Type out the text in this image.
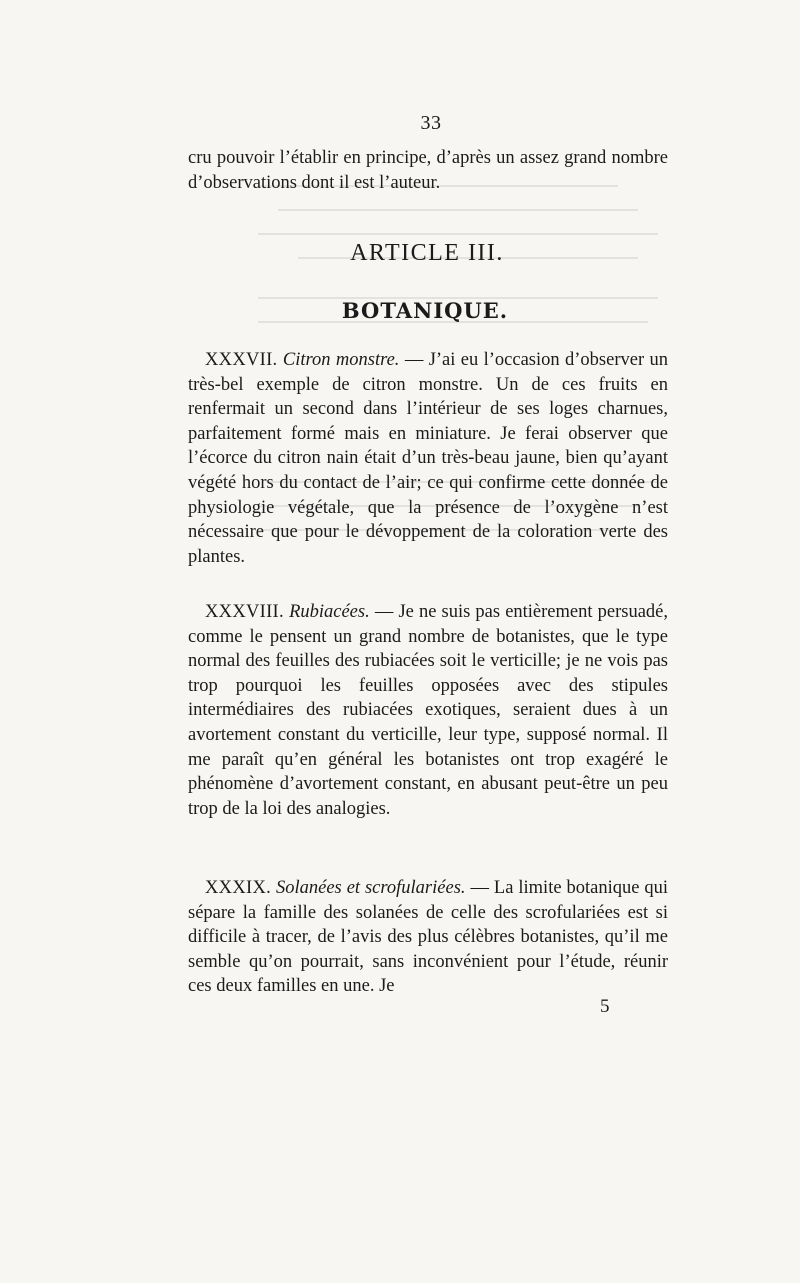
33

cru pouvoir l’établir en principe, d’après un assez grand nombre d’observations dont il est l’auteur.

ARTICLE III.
BOTANIQUE.

XXXVII. Citron monstre. — J’ai eu l’occasion d’observer un très-bel exemple de citron monstre. Un de ces fruits en renfermait un second dans l’intérieur de ses loges charnues, parfaitement formé mais en miniature. Je ferai observer que l’écorce du citron nain était d’un très-beau jaune, bien qu’ayant végété hors du contact de l’air; ce qui confirme cette donnée de physiologie végétale, que la présence de l’oxygène n’est nécessaire que pour le dévoppement de la coloration verte des plantes.

XXXVIII. Rubiacées. — Je ne suis pas entièrement persuadé, comme le pensent un grand nombre de botanistes, que le type normal des feuilles des rubiacées soit le verticille; je ne vois pas trop pourquoi les feuilles opposées avec des stipules intermédiaires des rubiacées exotiques, seraient dues à un avortement constant du verticille, leur type, supposé normal. Il me paraît qu’en général les botanistes ont trop exagéré le phénomène d’avortement constant, en abusant peut-être un peu trop de la loi des analogies.

XXXIX. Solanées et scrofulariées. — La limite botanique qui sépare la famille des solanées de celle des scrofulariées est si difficile à tracer, de l’avis des plus célèbres botanistes, qu’il me semble qu’on pourrait, sans inconvénient pour l’étude, réunir ces deux familles en une. Je

5
